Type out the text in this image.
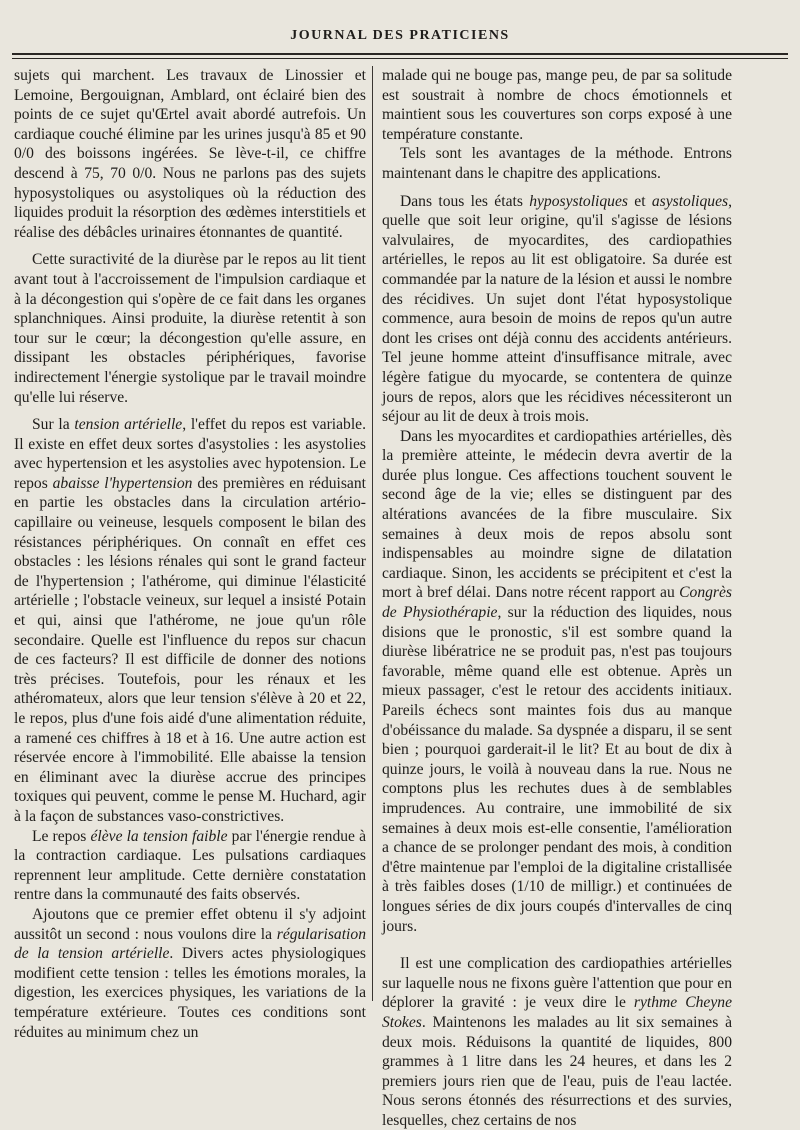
JOURNAL DES PRATICIENS

sujets qui marchent. Les travaux de Linossier et Lemoine, Bergouignan, Amblard, ont éclairé bien des points de ce sujet qu'Œrtel avait abordé autrefois. Un cardiaque couché élimine par les urines jusqu'à 85 et 90 0/0 des boissons ingérées. Se lève-t-il, ce chiffre descend à 75, 70 0/0. Nous ne parlons pas des sujets hyposystoliques ou asystoliques où la réduction des liquides produit la résorption des œdèmes interstitiels et réalise des débâcles urinaires étonnantes de quantité.

Cette suractivité de la diurèse par le repos au lit tient avant tout à l'accroissement de l'impulsion cardiaque et à la décongestion qui s'opère de ce fait dans les organes splanchniques. Ainsi produite, la diurèse retentit à son tour sur le cœur; la décongestion qu'elle assure, en dissipant les obstacles périphériques, favorise indirectement l'énergie systolique par le travail moindre qu'elle lui réserve.

Sur la tension artérielle, l'effet du repos est variable. Il existe en effet deux sortes d'asystolies : les asystolies avec hypertension et les asystolies avec hypotension. Le repos abaisse l'hypertension des premières en réduisant en partie les obstacles dans la circulation artério-capillaire ou veineuse, lesquels composent le bilan des résistances périphériques. On connaît en effet ces obstacles : les lésions rénales qui sont le grand facteur de l'hypertension ; l'athérome, qui diminue l'élasticité artérielle ; l'obstacle veineux, sur lequel a insisté Potain et qui, ainsi que l'athérome, ne joue qu'un rôle secondaire. Quelle est l'influence du repos sur chacun de ces facteurs? Il est difficile de donner des notions très précises. Toutefois, pour les rénaux et les athéromateux, alors que leur tension s'élève à 20 et 22, le repos, plus d'une fois aidé d'une alimentation réduite, a ramené ces chiffres à 18 et à 16. Une autre action est réservée encore à l'immobilité. Elle abaisse la tension en éliminant avec la diurèse accrue des principes toxiques qui peuvent, comme le pense M. Huchard, agir à la façon de substances vaso-constrictives.

Le repos élève la tension faible par l'énergie rendue à la contraction cardiaque. Les pulsations cardiaques reprennent leur amplitude. Cette dernière constatation rentre dans la communauté des faits observés.

Ajoutons que ce premier effet obtenu il s'y adjoint aussitôt un second : nous voulons dire la régularisation de la tension artérielle. Divers actes physiologiques modifient cette tension : telles les émotions morales, la digestion, les exercices physiques, les variations de la température extérieure. Toutes ces conditions sont réduites au minimum chez un

malade qui ne bouge pas, mange peu, de par sa solitude est soustrait à nombre de chocs émotionnels et maintient sous les couvertures son corps exposé à une température constante.

Tels sont les avantages de la méthode. Entrons maintenant dans le chapitre des applications.

Dans tous les états hyposystoliques et asystoliques, quelle que soit leur origine, qu'il s'agisse de lésions valvulaires, de myocardites, des cardiopathies artérielles, le repos au lit est obligatoire. Sa durée est commandée par la nature de la lésion et aussi le nombre des récidives. Un sujet dont l'état hyposystolique commence, aura besoin de moins de repos qu'un autre dont les crises ont déjà connu des accidents antérieurs. Tel jeune homme atteint d'insuffisance mitrale, avec légère fatigue du myocarde, se contentera de quinze jours de repos, alors que les récidives nécessiteront un séjour au lit de deux à trois mois.

Dans les myocardites et cardiopathies artérielles, dès la première atteinte, le médecin devra avertir de la durée plus longue. Ces affections touchent souvent le second âge de la vie; elles se distinguent par des altérations avancées de la fibre musculaire. Six semaines à deux mois de repos absolu sont indispensables au moindre signe de dilatation cardiaque. Sinon, les accidents se précipitent et c'est la mort à bref délai. Dans notre récent rapport au Congrès de Physiothérapie, sur la réduction des liquides, nous disions que le pronostic, s'il est sombre quand la diurèse libératrice ne se produit pas, n'est pas toujours favorable, même quand elle est obtenue. Après un mieux passager, c'est le retour des accidents initiaux. Pareils échecs sont maintes fois dus au manque d'obéissance du malade. Sa dyspnée a disparu, il se sent bien ; pourquoi garderait-il le lit? Et au bout de dix à quinze jours, le voilà à nouveau dans la rue. Nous ne comptons plus les rechutes dues à de semblables imprudences. Au contraire, une immobilité de six semaines à deux mois est-elle consentie, l'amélioration a chance de se prolonger pendant des mois, à condition d'être maintenue par l'emploi de la digitaline cristallisée à très faibles doses (1/10 de milligr.) et continuées de longues séries de dix jours coupés d'intervalles de cinq jours.

Il est une complication des cardiopathies artérielles sur laquelle nous ne fixons guère l'attention que pour en déplorer la gravité : je veux dire le rythme Cheyne Stokes. Maintenons les malades au lit six semaines à deux mois. Réduisons la quantité de liquides, 800 grammes à 1 litre dans les 24 heures, et dans les 2 premiers jours rien que de l'eau, puis de l'eau lactée. Nous serons étonnés des résurrections et des survies, lesquelles, chez certains de nos
